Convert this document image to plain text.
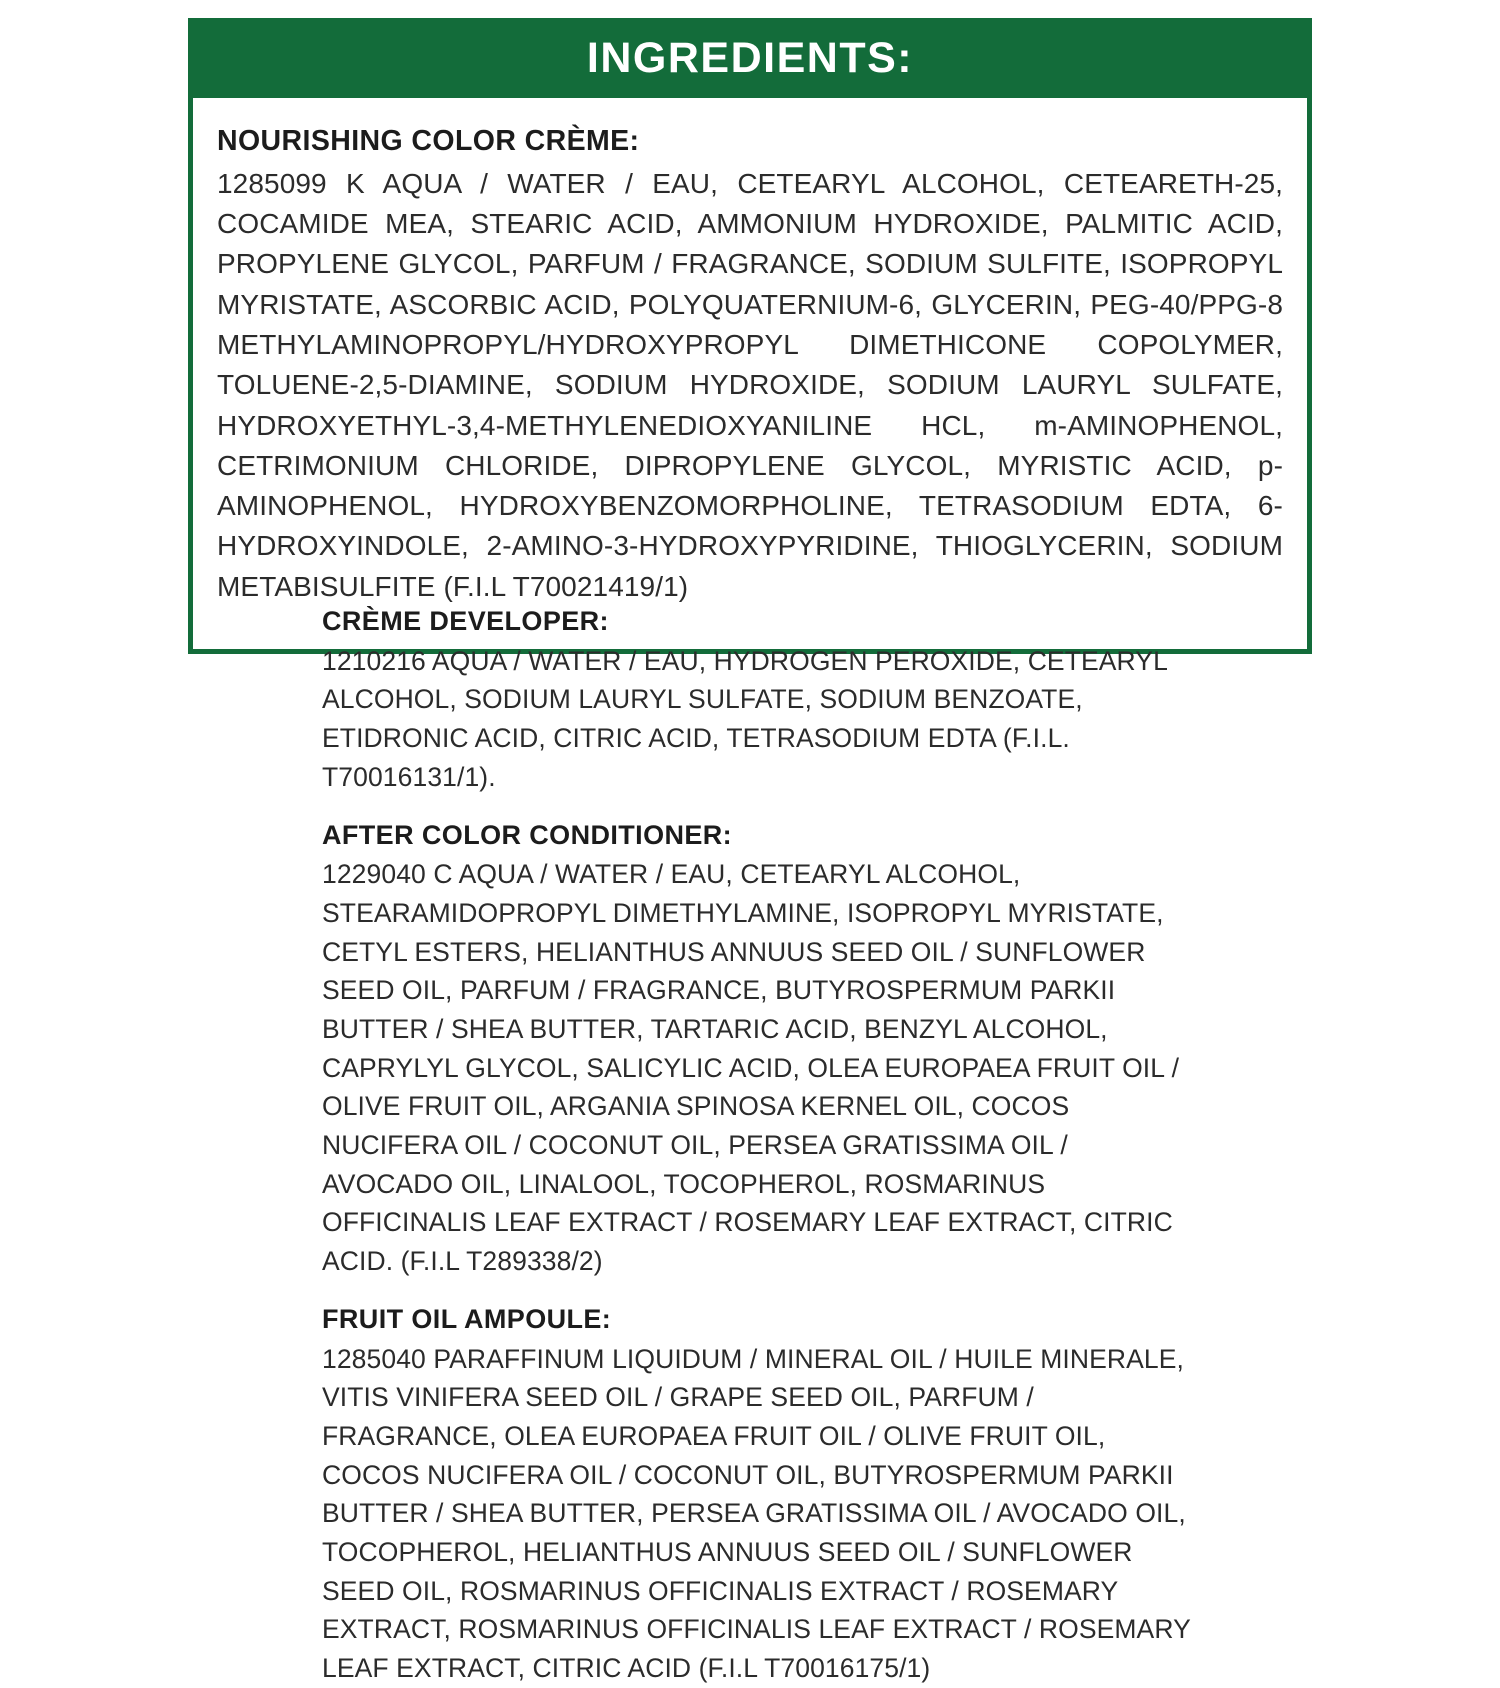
INGREDIENTS:
NOURISHING COLOR CRÈME:

1285099 K AQUA / WATER / EAU, CETEARYL ALCOHOL, CETEARETH-25, COCAMIDE MEA, STEARIC ACID, AMMONIUM HYDROXIDE, PALMITIC ACID, PROPYLENE GLYCOL, PARFUM / FRAGRANCE, SODIUM SULFITE, ISOPROPYL MYRISTATE, ASCORBIC ACID, POLYQUATERNIUM-6, GLYCERIN, PEG-40/PPG-8 METHYLAMINOPROPYL/HYDROXYPROPYL DIMETHICONE COPOLYMER, TOLUENE-2,5-DIAMINE, SODIUM HYDROXIDE, SODIUM LAURYL SULFATE, HYDROXYETHYL-3,4-METHYLENEDIOXYANILINE HCL, m-AMINOPHENOL, CETRIMONIUM CHLORIDE, DIPROPYLENE GLYCOL, MYRISTIC ACID, p-AMINOPHENOL, HYDROXYBENZOMORPHOLINE, TETRASODIUM EDTA, 6-HYDROXYINDOLE, 2-AMINO-3-HYDROXYPYRIDINE, THIOGLYCERIN, SODIUM METABISULFITE (F.I.L T70021419/1)

CRÈME DEVELOPER:

1210216 AQUA / WATER / EAU, HYDROGEN PEROXIDE, CETEARYL ALCOHOL, SODIUM LAURYL SULFATE, SODIUM BENZOATE, ETIDRONIC ACID, CITRIC ACID, TETRASODIUM EDTA (F.I.L. T70016131/1).

AFTER COLOR CONDITIONER:

1229040 C AQUA / WATER / EAU, CETEARYL ALCOHOL, STEARAMIDOPROPYL DIMETHYLAMINE, ISOPROPYL MYRISTATE, CETYL ESTERS, HELIANTHUS ANNUUS SEED OIL / SUNFLOWER SEED OIL, PARFUM / FRAGRANCE, BUTYROSPERMUM PARKII BUTTER / SHEA BUTTER, TARTARIC ACID, BENZYL ALCOHOL, CAPRYLYL GLYCOL, SALICYLIC ACID, OLEA EUROPAEA FRUIT OIL / OLIVE FRUIT OIL, ARGANIA SPINOSA KERNEL OIL, COCOS NUCIFERA OIL / COCONUT OIL, PERSEA GRATISSIMA OIL / AVOCADO OIL, LINALOOL, TOCOPHEROL, ROSMARINUS OFFICINALIS LEAF EXTRACT / ROSEMARY LEAF EXTRACT, CITRIC ACID. (F.I.L T289338/2)

FRUIT OIL AMPOULE:

1285040 PARAFFINUM LIQUIDUM / MINERAL OIL / HUILE MINERALE, VITIS VINIFERA SEED OIL / GRAPE SEED OIL, PARFUM / FRAGRANCE, OLEA EUROPAEA FRUIT OIL / OLIVE FRUIT OIL, COCOS NUCIFERA OIL / COCONUT OIL, BUTYROSPERMUM PARKII BUTTER / SHEA BUTTER, PERSEA GRATISSIMA OIL / AVOCADO OIL, TOCOPHEROL, HELIANTHUS ANNUUS SEED OIL / SUNFLOWER SEED OIL, ROSMARINUS OFFICINALIS EXTRACT / ROSEMARY EXTRACT, ROSMARINUS OFFICINALIS LEAF EXTRACT / ROSEMARY LEAF EXTRACT, CITRIC ACID (F.I.L T70016175/1)
